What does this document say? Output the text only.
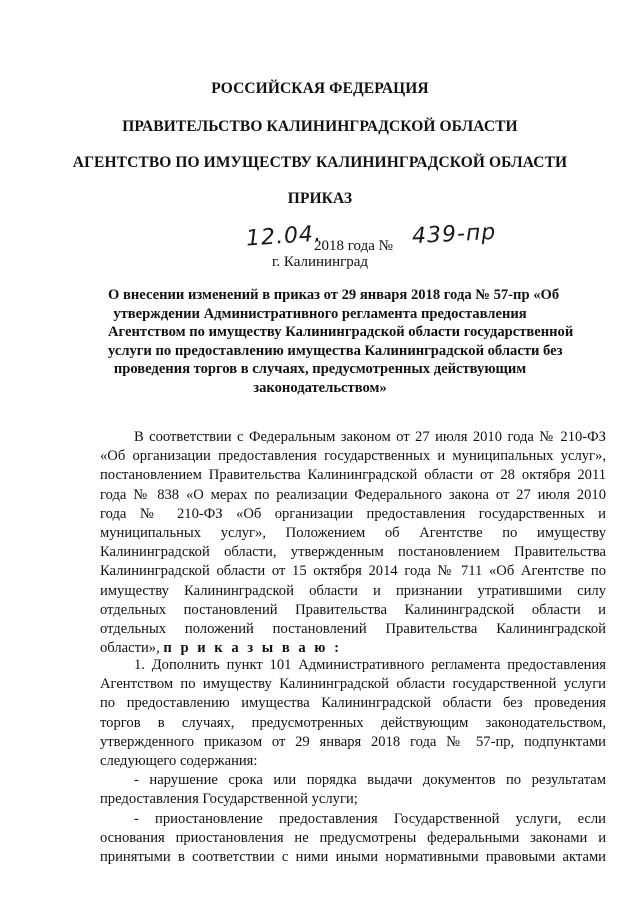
РОССИЙСКАЯ ФЕДЕРАЦИЯ
ПРАВИТЕЛЬСТВО КАЛИНИНГРАДСКОЙ ОБЛАСТИ
АГЕНТСТВО ПО ИМУЩЕСТВУ КАЛИНИНГРАДСКОЙ ОБЛАСТИ
ПРИКАЗ
12.04.
2018 года № 439-пр
г. Калининград
О внесении изменений в приказ от 29 января 2018 года № 57-пр «Об
утверждении Административного регламента предоставления
Агентством по имуществу Калининградской области государственной
услуги по предоставлению имущества Калининградской области без
проведения торгов в случаях, предусмотренных действующим
законодательством»
В соответствии с Федеральным законом от 27 июля 2010 года № 210-ФЗ
«Об организации предоставления государственных и муниципальных услуг»,
постановлением Правительства Калининградской области от 28 октября 2011
года № 838 «О мерах по реализации Федерального закона от 27 июля 2010
года № 210-ФЗ «Об организации предоставления государственных и
муниципальных услуг», Положением об Агентстве по имуществу
Калининградской области, утвержденным постановлением Правительства
Калининградской области от 15 октября 2014 года № 711 «Об Агентстве по
имуществу Калининградской области и признании утратившими силу
отдельных постановлений Правительства Калининградской области и
отдельных положений постановлений Правительства Калининградской
области», п р и к а з ы в а ю :
1. Дополнить пункт 101 Административного регламента предоставления
Агентством по имуществу Калининградской области государственной услуги
по предоставлению имущества Калининградской области без проведения
торгов в случаях, предусмотренных действующим законодательством,
утвержденного приказом от 29 января 2018 года № 57-пр, подпунктами
следующего содержания:
- нарушение срока или порядка выдачи документов по результатам
предоставления Государственной услуги;
- приостановление предоставления Государственной услуги, если
основания приостановления не предусмотрены федеральными законами и
принятыми в соответствии с ними иными нормативными правовыми актами
